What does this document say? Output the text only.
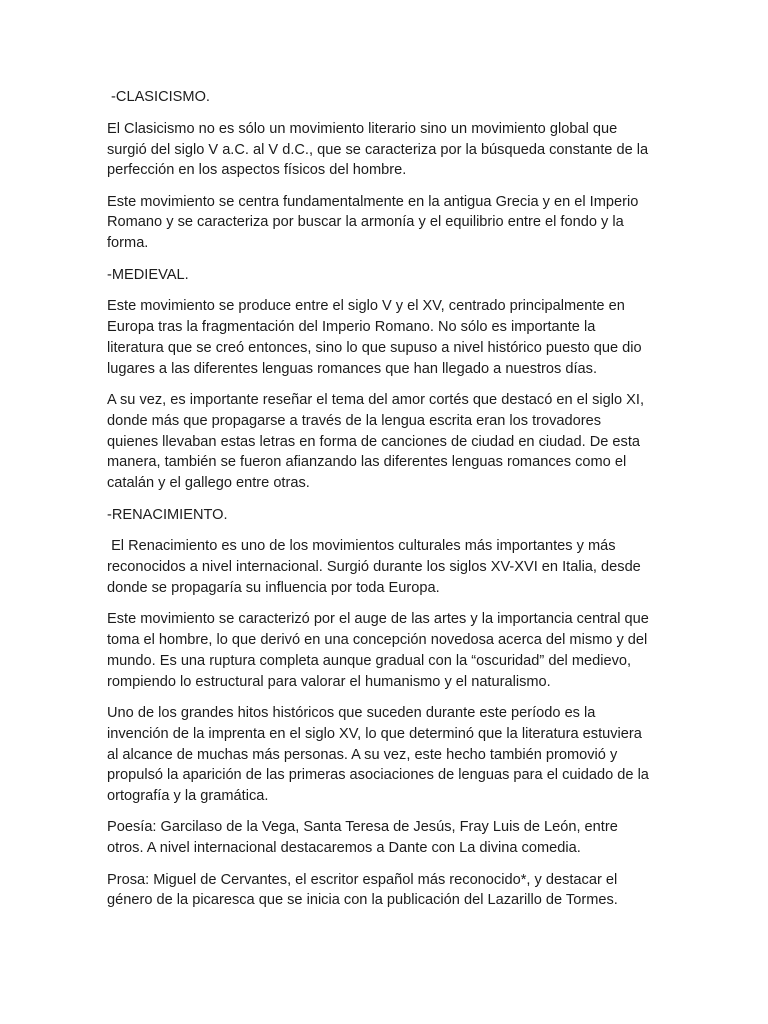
-CLASICISMO.
El Clasicismo no es sólo un movimiento literario sino un movimiento global que surgió del siglo V a.C. al V d.C., que se caracteriza por la búsqueda constante de la perfección en los aspectos físicos del hombre.
Este movimiento se centra fundamentalmente en la antigua Grecia y en el Imperio Romano y se caracteriza por buscar la armonía y el equilibrio entre el fondo y la forma.
-MEDIEVAL.
Este movimiento se produce entre el siglo V y el XV, centrado principalmente en Europa tras la fragmentación del Imperio Romano. No sólo es importante la literatura que se creó entonces, sino lo que supuso a nivel histórico puesto que dio lugares a las diferentes lenguas romances que han llegado a nuestros días.
A su vez, es importante reseñar el tema del amor cortés que destacó en el siglo XI, donde más que propagarse a través de la lengua escrita eran los trovadores quienes llevaban estas letras en forma de canciones de ciudad en ciudad. De esta manera, también se fueron afianzando las diferentes lenguas romances como el catalán y el gallego entre otras.
-RENACIMIENTO.
El Renacimiento es uno de los movimientos culturales más importantes y más reconocidos a nivel internacional. Surgió durante los siglos XV-XVI en Italia, desde donde se propagaría su influencia por toda Europa.
Este movimiento se caracterizó por el auge de las artes y la importancia central que toma el hombre, lo que derivó en una concepción novedosa acerca del mismo y del mundo. Es una ruptura completa aunque gradual con la “oscuridad” del medievo, rompiendo lo estructural para valorar el humanismo y el naturalismo.
Uno de los grandes hitos históricos que suceden durante este período es la invención de la imprenta en el siglo XV, lo que determinó que la literatura estuviera al alcance de muchas más personas. A su vez, este hecho también promovió y propulsó la aparición de las primeras asociaciones de lenguas para el cuidado de la ortografía y la gramática.
Poesía: Garcilaso de la Vega, Santa Teresa de Jesús, Fray Luis de León, entre otros. A nivel internacional destacaremos a Dante con La divina comedia.
Prosa: Miguel de Cervantes, el escritor español más reconocido*, y destacar el género de la picaresca que se inicia con la publicación del Lazarillo de Tormes.
